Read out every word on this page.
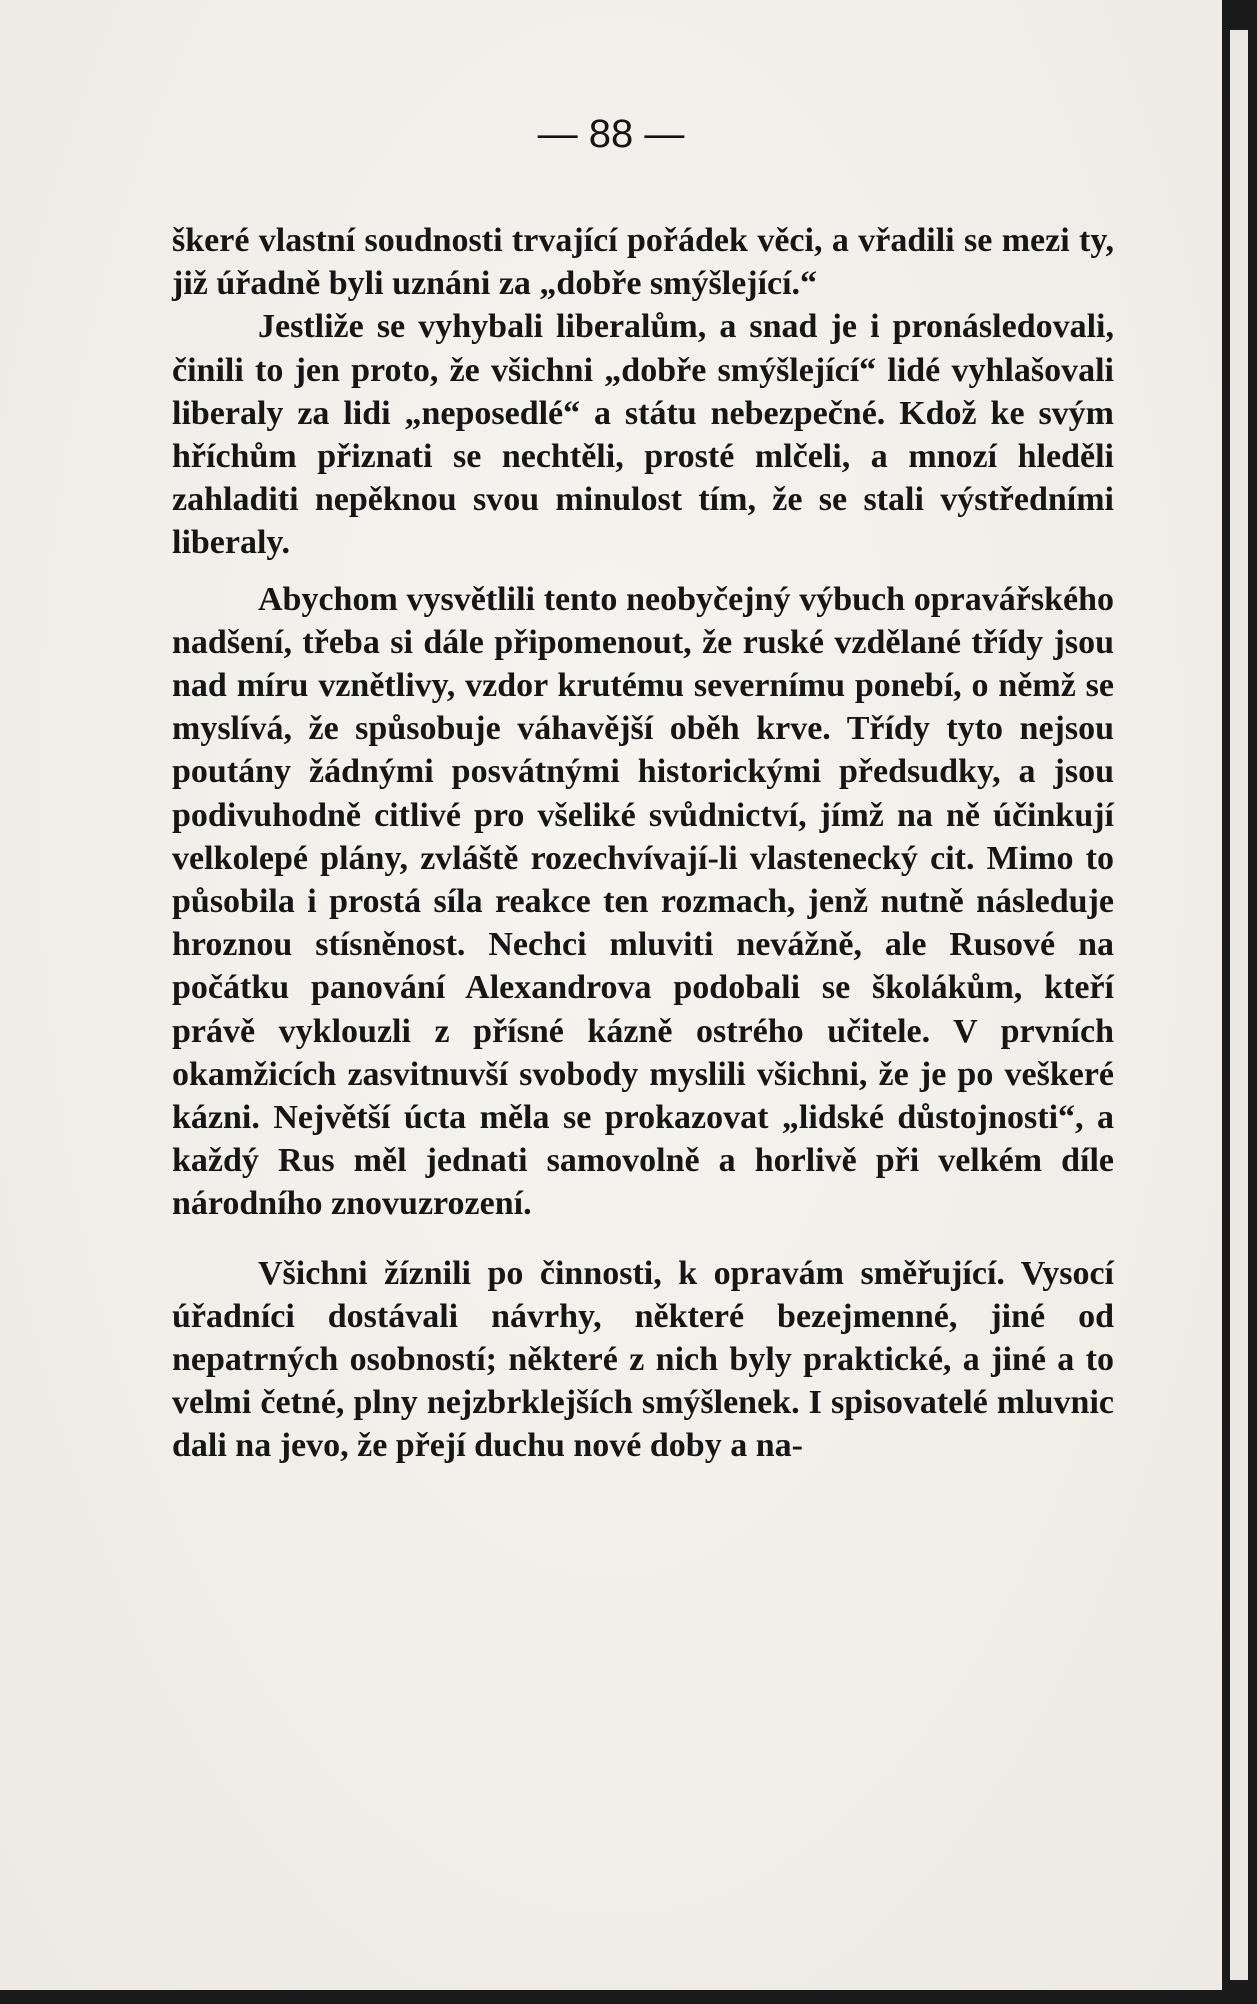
— 88 —

škeré vlastní soudnosti trvající pořádek věci, a vřadili se mezi ty, již úřadně byli uznáni za „dobře smýšlející.“

Jestliže se vyhybali liberalům, a snad je i pronásledovali, činili to jen proto, že všichni „dobře smýšlející“ lidé vyhlašovali liberaly za lidi „neposedlé“ a státu nebezpečné. Kdož ke svým hříchům přiznati se nechtěli, prosté mlčeli, a mnozí hleděli zahladiti nepěknou svou minulost tím, že se stali výstředními liberaly.

Abychom vysvětlili tento neobyčejný výbuch opravářského nadšení, třeba si dále připomenout, že ruské vzdělané třídy jsou nad míru vznětlivy, vzdor krutému severnímu ponebí, o němž se myslívá, že spůsobuje váhavější oběh krve. Třídy tyto nejsou poutány žádnými posvátnými historickými předsudky, a jsou podivuhodně citlivé pro všeliké svůdnictví, jímž na ně účinkují velkolepé plány, zvláště rozechvívají-li vlastenecký cit. Mimo to působila i prostá síla reakce ten rozmach, jenž nutně následuje hroznou stísněnost. Nechci mluviti nevážně, ale Rusové na počátku panování Alexandrova podobali se školákům, kteří právě vyklouzli z přísné kázně ostrého učitele. V prvních okamžicích zasvitnuvší svobody myslili všichni, že je po veškeré kázni. Největší úcta měla se prokazovat „lidské důstojnosti“, a každý Rus měl jednati samovolně a horlivě při velkém díle národního znovuzrození.

Všichni žíznili po činnosti, k opravám směřující. Vysocí úřadníci dostávali návrhy, některé bezejmenné, jiné od nepatrných osobností; některé z nich byly praktické, a jiné a to velmi četné, plny nejzbrklejších smýšlenek. I spisovatelé mluvnic dali na jevo, že přejí duchu nové doby a na-
